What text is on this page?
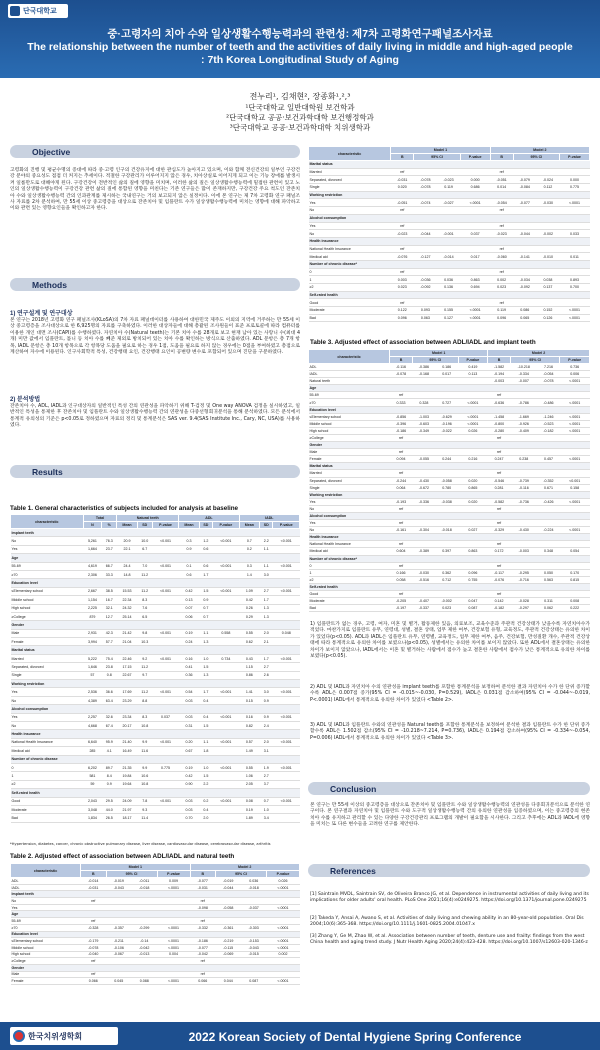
단국대학교
중·고령자의 치아 수와 일상생활수행능력과의 관련성: 제7차 고령화연구패널조사자료
The relationship between the number of teeth and the activities of daily living in middle and high-aged people
: 7th Korea Longitudinal Study of Aging
전누리¹, 김채현², 장종화¹,²,³
¹단국대학교 일반대학원 보건학과
²단국대학교 공공·보건과학대학 보건행정학과
³단국대학교 공공·보건과학대학 치위생학과
Objective
고령화의 진행 및 평균수명의 증대에 따라 중·고령 인구의 건강유지에 대한 관심도가 높아지고 있으며, 이와 함께 전신건강의 일부인 구강건강 분야의 중요성도 점점 더 커지는 추세이다. 적절한 구강관리가 이루어지지 않은 경우, 치아상실로 이어지게 되고 이는 기능 장애를 발생시켜 일룸만도로 대해야게 된다. 구강건강이 전반적인 삶의 질에 영향을 미치며, 이러한 삶의 질은 일상생활수행능력에 밀접한 관련이 있고 노인의 일상생활수행능력이 구강건강 관련 삶의 질에 통합된 영향을 미친다는 기존 연구들은 많이 존재하지만, 구강건강 주요 척도인 잔존치아 수와 일상생활수행능력 간의 인과관계를 제시하는 국내연구는 거의 보고되지 않은 실정이다. 이에 본 연구는 제 7차 고령화 연구 패널조사 자료를 2차 분석하여, 만 55세 이상 중고령층을 대상으로 잔존치아 및 임플란트 수가 일상생활수행능력에 미치는 영향에 대해 파악하고 이와 관련 있는 영향요인들을 확인하고자 한다.
Methods
1) 연구설계 및 연구대상
본 연구는 2018년 고령화 연구 패널조사(KLoSA)의 7차 자료 패널데이터를 사용하여 대한민국 제주도 이외의 지역에 거주하는 만 55세 이상 중고령층을 조사대상으로 한 6,925명의 자료를 구축하였다. 이러한 대상자들에 대해 총괄된 조사원들이 표준 프로토콜에 따라 컴퓨터를 이용한 개인 대면 조사(CAPI)를 수행하였다. 자연치아 수(Natural teeth)는 기본 치아 수를 28개로 보고 현재 남아 있는 사랑니 수(최대 4개) 미만 값에서 임플란트, 틀니 등 치아 수를 빼준 제외로 방치되어 있는 치아 수를 확인하는 방식으로 산출하였다. ADL 문항은 총 7개 항목, IADL 문항은 총 10개 항목으로 각 항목당 도움을 필요로 하는 경우 1점, 도움을 필요로 하지 않는 경우에는 0점을 부여하였고 총점으로 계산하여 자수에 이용된다. 인구사회학적 특성, 건강행태 요인, 건강행태 요인이 공변량 변수로 포함되어 있으며 진단을 구분하였다.
2) 분석방법
잔존치아 수, ADL, IADL과 인구대상자의 일반적인 특성 간의 연관성을 파악하기 위해 T-검정 및 One way ANOVA 검정을 실시하였고, 일반적인 특성을 통제한 후 잔존치아 및 임플란트 수와 일상생활수행능력 간의 연관성을 다중선형회귀분석을 통해 분석하였다. 모든 분석에서 통계적 유의성의 기준은 p<0.05로 정하였으며 자료의 정리 및 통계분석은 SAS ver. 9.4(SAS Institute Inc., Cary, NC, USA)를 사용하였다.
Results
Table 1. General characteristics of subjects included for analysis at baseline
characteristic	Total		Natural teeth			ADL			IADL		
	N	%	Mean	SD	P-value	Mean	SD	P-value	Mean	SD	P-value
Implant teeth											
No	5,261	76.3	20.9	10.0	<0.001	0.3	1.2	<0.001	0.7	2.2	<0.001
Yes	1,664	23.7	22.1	6.7		0.9	0.6		0.2	1.1	
Age											
55-69	4,619	66.7	24.4	7.0	<0.001	0.1	0.6	<0.001	0.3	1.1	<0.001
≥70	2,306	33.3	14.8	11.2		0.6	1.7		1.4	3.0	
Education level											
≤Elementary school	2,667	38.5	15.53	11.2	<0.001	0.42	1.5	<0.001	1.09	2.7	<0.001
Middle school	1,154	16.7	22.34	8.3		0.13	0.9		0.42	1.7	
High school	2,225	32.1	24.32	7.6		0.07	0.7		0.26	1.3	
≥College	879	12.7	25.14	6.5		0.06	0.7		0.29	1.3	
Gender											
Male	2,931	42.3	21.42	9.8	<0.001	0.19	1.1	0.558	0.55	2.0	0.048
Female	3,994	57.7	21.04	10.3		0.24	1.3		0.62	2.1	
Marital status											
Married	5,222	75.4	22.46	9.2	<0.001	0.16	1.0	0.734	0.43	1.7	<0.001
Separated, divorced	1,646	23.8	17.15	11.2		0.41	1.5		1.15	2.7	
Single	57	0.8	22.67	9.7		0.36	1.3		0.86	2.6	
Working restriction											
Yes	2,536	36.6	17.69	11.2	<0.001	0.54	1.7	<0.001	1.41	3.0	<0.001
No	4,389	63.4	23.29	8.8		0.03	0.4		0.15	0.9	
Alcohol consumption											
Yes	2,257	32.6	23.34	8.3	0.037	0.03	0.4	<0.001	0.16	0.9	<0.001
No	4,668	67.4	20.17	10.8		0.31	1.5		0.82	2.4	
Health insurance											
National Health Insurance	6,640	95.9	21.40	9.9	<0.001	0.20	1.1	<0.001	0.57	2.0	<0.001
Medical aid	285	4.1	16.49	11.6		0.67	1.8		1.49	3.1	
Number of chronic disease											
0	6,202	89.7	21.35	9.9	0.775	0.19	1.0	<0.001	0.55	1.9	<0.001
1	581	8.4	19.84	10.6		0.42	1.5		1.06	2.7	
≥2	59	0.9	19.64	10.8		0.90	2.2		2.05	3.7	
Self-rated health											
Good	2,043	29.5	24.09	7.8	<0.001	0.03	0.2	<0.001	0.08	0.7	<0.001
Moderate	3,048	44.0	21.97	9.3		0.03	0.4		0.19	1.0	
Bad	1,834	26.5	18.17	11.4		0.70	2.0		1.89	3.4	
*Hypertension, diabetes, cancer, chronic obstructive pulmonary disease, liver disease, cardiovascular disease, cerebrovascular disease, arthritis
Table 2. Adjusted effect of association between ADL/IADL and natural teeth
characteristic	Model 1				Model 2			
	B	95% CI		P-value	B	95% CI		P-value
ADL	-0.014	-0.019	-0.011	0.009	-0.077	-0.019	0.036	0.026
IADL	-0.031	-0.043	-0.018	<.0001	-0.031	-0.044	-0.018	<.0001
Implant teeth								
No	ref				ref			
Yes					-0.098	-0.058	-0.037	<.0001
Age								
55-69	ref				ref			
≥70	-0.328	-0.357	-0.299	<.0001	-0.332	-0.361	-0.303	<.0001
Education level								
≤Elementary school	-0.179	-0.211	-0.14	<.0001	-0.186	-0.219	-0.153	<.0001
Middle school	-0.078	-0.106	-0.042	<.0001	-0.077	-0.115	-0.043	<.0001
High school	-0.040	-0.067	-0.013	0.004	-0.042	-0.069	-0.015	0.002
≥College	ref				ref			
Gender								
Male	ref				ref			
Female	0.066	0.045	0.088	<.0001	0.066	0.044	0.087	<.0001
characteristic	Model 1				Model 2			
	B	95% CI		P-value	B	95% CI		P-value
Marital status								
Married	ref				ref			
Separated, divorced	-0.031	-0.078	-0.023	0.000	-0.051	-0.079	-0.024	0.000
Single	0.020	-0.078	0.119	0.686	0.014	-0.084	0.112	0.775
Working restriction								
Yes	-0.051	-0.074	-0.027	<.0001	-0.054	-0.077	-0.030	<.0001
No	ref				ref			
Alcohol consumption								
Yes	ref				ref			
No	-0.023	-0.044	-0.001	0.037	-0.023	-0.044	-0.002	0.033
Health insurance								
National Health Insurance	ref				ref			
Medical aid	-0.076	-0.127	-0.014	0.017	-0.060	-0.141	-0.010	0.011
Number of chronic disease*								
0	ref				ref			
1	0.003	-0.036	0.036	0.863	0.002	-0.034	0.038	0.893
≥2	0.023	-0.092	0.136	0.694	0.023	-0.092	0.137	0.700
Self-rated health								
Good	ref				ref			
Moderate	0.122	0.093	0.155	<.0001	0.119	0.086	0.152	<.0001
Bad	0.096	0.063	0.127	<.0001	0.096	0.065	0.126	<.0001
Table 3. Adjusted effect of association between ADL/IADL and implant teeth
characteristic	Model 1				Model 2			
	B	95% CI		P-value	B	95% CI		P-value
ADL	-0.116	-0.386	0.186	0.419	-1.582	-10.218	7.216	0.736
IADL	-0.078	-0.168	0.017	0.113	-0.194	-0.334	-0.054	0.006
Natural teeth					-0.003	-0.007	-0.078	<.0001
Age								
55-69	ref				ref			
≥70	0.333	0.328	0.727	<.0001	-0.636	-0.786	-0.486	<.0001
Education level								
≤Elementary school	-0.856	-1.003	-0.629	<.0001	-1.458	-1.669	-1.246	<.0001
Middle school	-0.396	-0.603	-0.196	<.0001	-0.800	-0.926	-0.523	<.0001
High school	-0.186	-0.349	-0.022	0.026	-0.280	-0.409	-0.182	<.0001
≥College	ref				ref			
Gender								
Male	ref				ref			
Female	0.094	-0.055	0.244	0.216	0.247	0.238	0.457	<.0001
Marital status								
Married	ref				ref			
Separated, divorced	-0.244	-0.430	-0.058	0.020	-0.546	-0.739	-0.352	<0.001
Single	0.064	-0.672	0.780	0.865	0.281	-0.116	0.671	0.158
Working restriction								
Yes	-0.193	-0.336	-0.038	0.020	-0.582	-0.736	-0.426	<.0001
No	ref				ref			
Alcohol consumption								
Yes	ref				ref			
No	-0.161	-0.304	-0.018	0.027	-0.329	-0.430	-0.224	<.0001
Health insurance								
National Health Insurance	ref				ref			
Medical aid	0.604	-0.389	0.397	0.863	0.172	-0.003	0.348	0.054
Number of chronic disease*								
0	ref				ref			
1	0.166	-0.030	0.362	0.096	-0.117	-0.295	0.050	0.170
≥2	0.058	-0.516	0.712	0.755	-0.076	-0.716	0.563	0.815
Self-rated health								
Good	ref				ref			
Moderate	-0.205	-0.407	-0.002	0.047	0.142	-0.028	0.311	0.008
Bad	-0.197	-0.337	0.023	0.087	-0.182	-0.297	0.062	0.222
1) 임플란트가 없는 경우, 고령, 여자, 미혼 및 별거, 활동제한 있음, 의료보조, 교육수준과 주관적 건강상태가 낮을수록 자연치아수가 적었다. 마찬가지로 임플란트 유무, 연령대, 성별, 결혼 상태, 업무 제한 여부, 건강보험 유형, 교육정도, 주관적 건강상태는 유의한 차이가 있었다(p<0.05). ADL과 IADL은 임플란트 유무, 연령별, 교육정도, 업무 제한 여부, 음주, 건강보험, 만성질환 개수, 주관적 건강상태에 따라 통계적으로 유의한 차이를 보였으나(p<0.05), 성별에서는 유의한 차이를 보이지 않았다. 또한 ADL에서 결혼상태는 유의한 차이가 보이지 않았으나, IADL에서는 이혼 및 별거하는 사람에서 점수가 높고 결혼한 사람에서 점수가 낮은 통계적으로 유의한 차이를 보였다(p<0.05).
2) ADL 및 IADL과 자연치아 수의 연관성을 implant teeth를 포함한 통계분석을 보정하여 분석한 결과 자연치아 수가 한 단위 증가할수록 ADL은 0.007점 증가(95% CI = -0.015~-0.030, P=0.529), IADL은 0.031점 감소하여(95% CI = -0.044~-0.019, P<.0001) IADL에서 통계적으로 유의한 차이가 있었다 <Table 2>.
3) ADL 및 IADL과 임플란트 수와의 연관성을 Natural teeth를 포함한 통계분석을 보정하여 분석한 결과 임플란트 수가 한 단위 증가할수록 ADL은 1.502점 감소(95% CI = -10.218~7.214, P=0.736), IADL은 0.194점 감소하여(95% CI = -0.334~-0.054, P=0.006) IADL에서 통계적으로 유의한 차이가 있었다 <Table 3>.
Conclusion
본 연구는 만 55세 이상의 중고령층을 대상으로 잔존치아 및 임플란트 수와 일상생활수행능력의 연관성을 다중회귀분석으로 분석한 연구이다. 본 연구결과 자연치아 및 임플란트 수와 도구적 일상생활수행능력 간의 유의한 연관성을 입증하였으며, 이는 중고령층의 현존 치아 수를 유지하고 관리할 수 있는 다양한 구강건강관리 프로그램의 개발이 필요함을 시사한다. 그리고 추후에는 ADL과 IADL에 영향을 미치는 또 다른 변수들을 고려한 연구를 제안한다.
References
[1] Saintrain MVDL, Saintrain SV, de Oliveira Branco JG, et al. Dependence in instrumental activities of daily living and its implications for older adults' oral health. PLoS One 2021;16(4):e0249275. https://doi.org/10.1371/journal.pone.0249275
[2] Takeda Y, Ansai A, Awano S, et al. Activities of daily living and chewing ability in an 80-year-old population. Oral Dis 2004;10(6):365-368. https://doi.org/10.1111/j.1601-0825.2004.01047.x
[3] Zhang Y, Ge M, Zhao W, et al. Association between number of teeth, denture use and frailty: findings from the west China health and aging trend study. J Nutr Health Aging 2020;24(4):423-428. https://doi.org/10.1007/s12603-020-1346-z
한국치위생학회	2022 Korean Society of Dental Hygiene Spring Conference
